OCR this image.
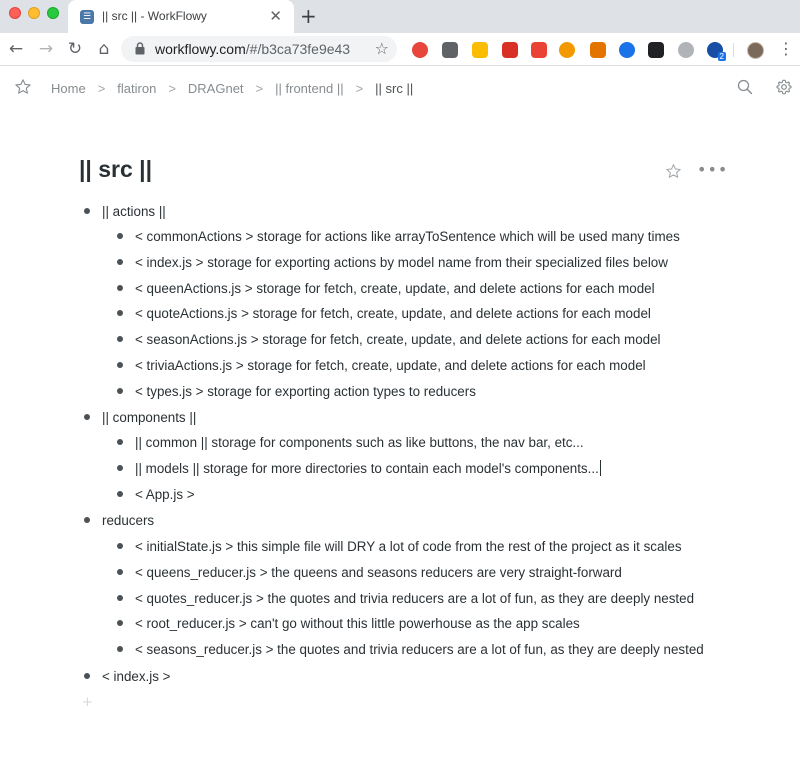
☰ || src || - WorkFlowy	✕ +
← → ↻ ⌂	workflowy.com/#/b3ca73fe9e43 ☆	2	⋮
Home > flatiron > DRAGnet > || frontend || > || src ||
|| src ||	•••
|| actions ||
< commonActions > storage for actions like arrayToSentence which will be used many times
< index.js > storage for exporting actions by model name from their specialized files below
< queenActions.js > storage for fetch, create, update, and delete actions for each model
< quoteActions.js > storage for fetch, create, update, and delete actions for each model
< seasonActions.js > storage for fetch, create, update, and delete actions for each model
< triviaActions.js > storage for fetch, create, update, and delete actions for each model
< types.js > storage for exporting action types to reducers
|| components ||
|| common || storage for components such as like buttons, the nav bar, etc...
|| models || storage for more directories to contain each model's components...
< App.js >
reducers
< initialState.js > this simple file will DRY a lot of code from the rest of the project as it scales
< queens_reducer.js > the queens and seasons reducers are very straight-forward
< quotes_reducer.js > the quotes and trivia reducers are a lot of fun, as they are deeply nested
< root_reducer.js > can't go without this little powerhouse as the app scales
< seasons_reducer.js > the quotes and trivia reducers are a lot of fun, as they are deeply nested
< index.js >
+
